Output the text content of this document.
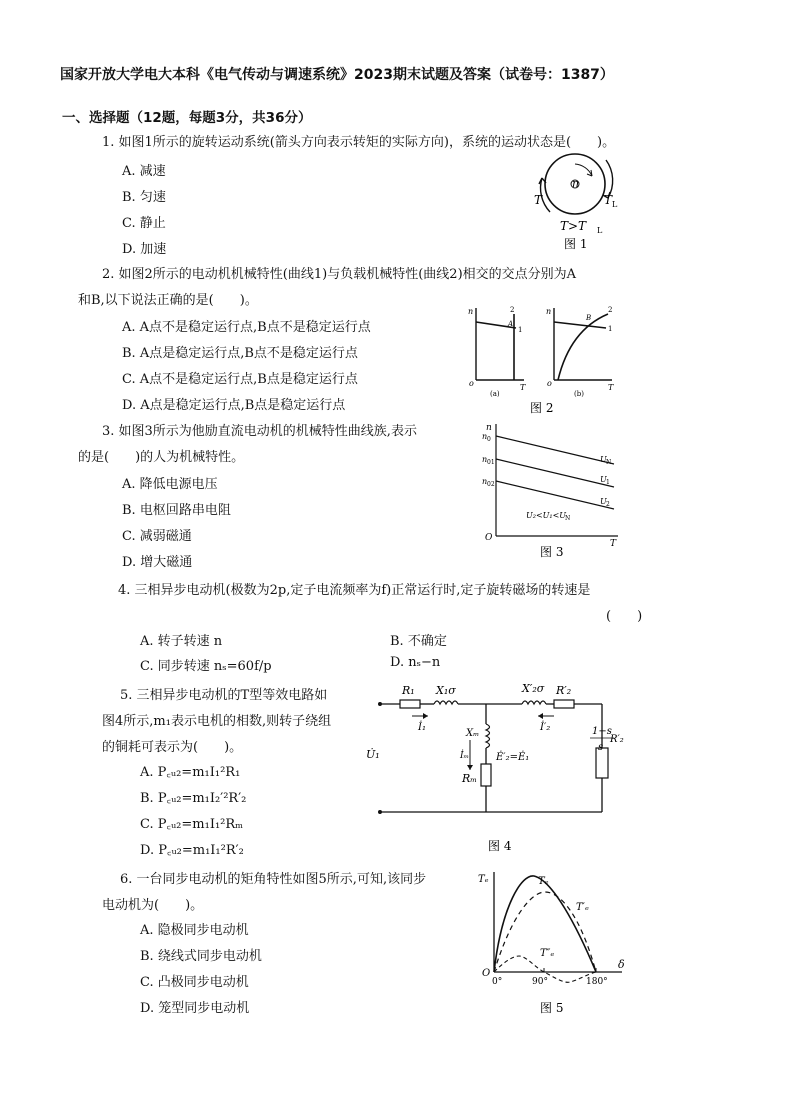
国家开放大学电大本科《电气传动与调速系统》2023期末试题及答案（试卷号：1387）
一、选择题（12题，每题3分，共36分）
1. 如图1所示的旋转运动系统(箭头方向表示转矩的实际方向)，系统的运动状态是(　　)。
A. 减速
B. 匀速
C. 静止
D. 加速
n
T	T L
T>T L
图 1
2. 如图2所示的电动机机械特性(曲线1)与负载机械特性(曲线2)相交的交点分别为A
和B,以下说法正确的是(　　)。
A. A点不是稳定运行点,B点不是稳定运行点
B. A点是稳定运行点,B点不是稳定运行点
C. A点不是稳定运行点,B点是稳定运行点
D. A点是稳定运行点,B点是稳定运行点
n
o	T
2
1
A
(a)
n
o	T
2
1
B
(b)
图 2
3. 如图3所示为他励直流电动机的机械特性曲线族,表示
的是(　　)的人为机械特性。
A. 降低电源电压
B. 电枢回路串电阻
C. 减弱磁通
D. 增大磁通
n
O
T
n 0
n 01
n 02
U N
U 1
U 2
U₂<U₁<U
N
图 3
4. 三相异步电动机(极数为2p,定子电流频率为f)正常运行时,定子旋转磁场的转速是
(　　)
A. 转子转速 n	B. 不确定
C. 同步转速 nₛ=60f/p	D. nₛ−n
5. 三相异步电动机的T型等效电路如
图4所示,m₁表示电机的相数,则转子绕组
的铜耗可表示为(　　)。
A. P꜀ᵤ₂=m₁I₁²R₁
B. P꜀ᵤ₂=m₁I₂′²R′₂
C. P꜀ᵤ₂=m₁I₁²Rₘ
D. P꜀ᵤ₂=m₁I₁²R′₂
R₁ X₁σ	X′₂σ R′₂
İ₁	İ′₂
Xₘ
İₘ	Ė′₂=Ė₁
Rₘ
U̇₁
1−s
s
R′₂
图 4
6. 一台同步电动机的矩角特性如图5所示,可知,该同步
电动机为(　　)。
A. 隐极同步电动机
B. 绕线式同步电动机
C. 凸极同步电动机
D. 笼型同步电动机
Tₑ
δ
O
0°	90°	180°
Tₑ
T′ₑ
T″ₑ
图 5
